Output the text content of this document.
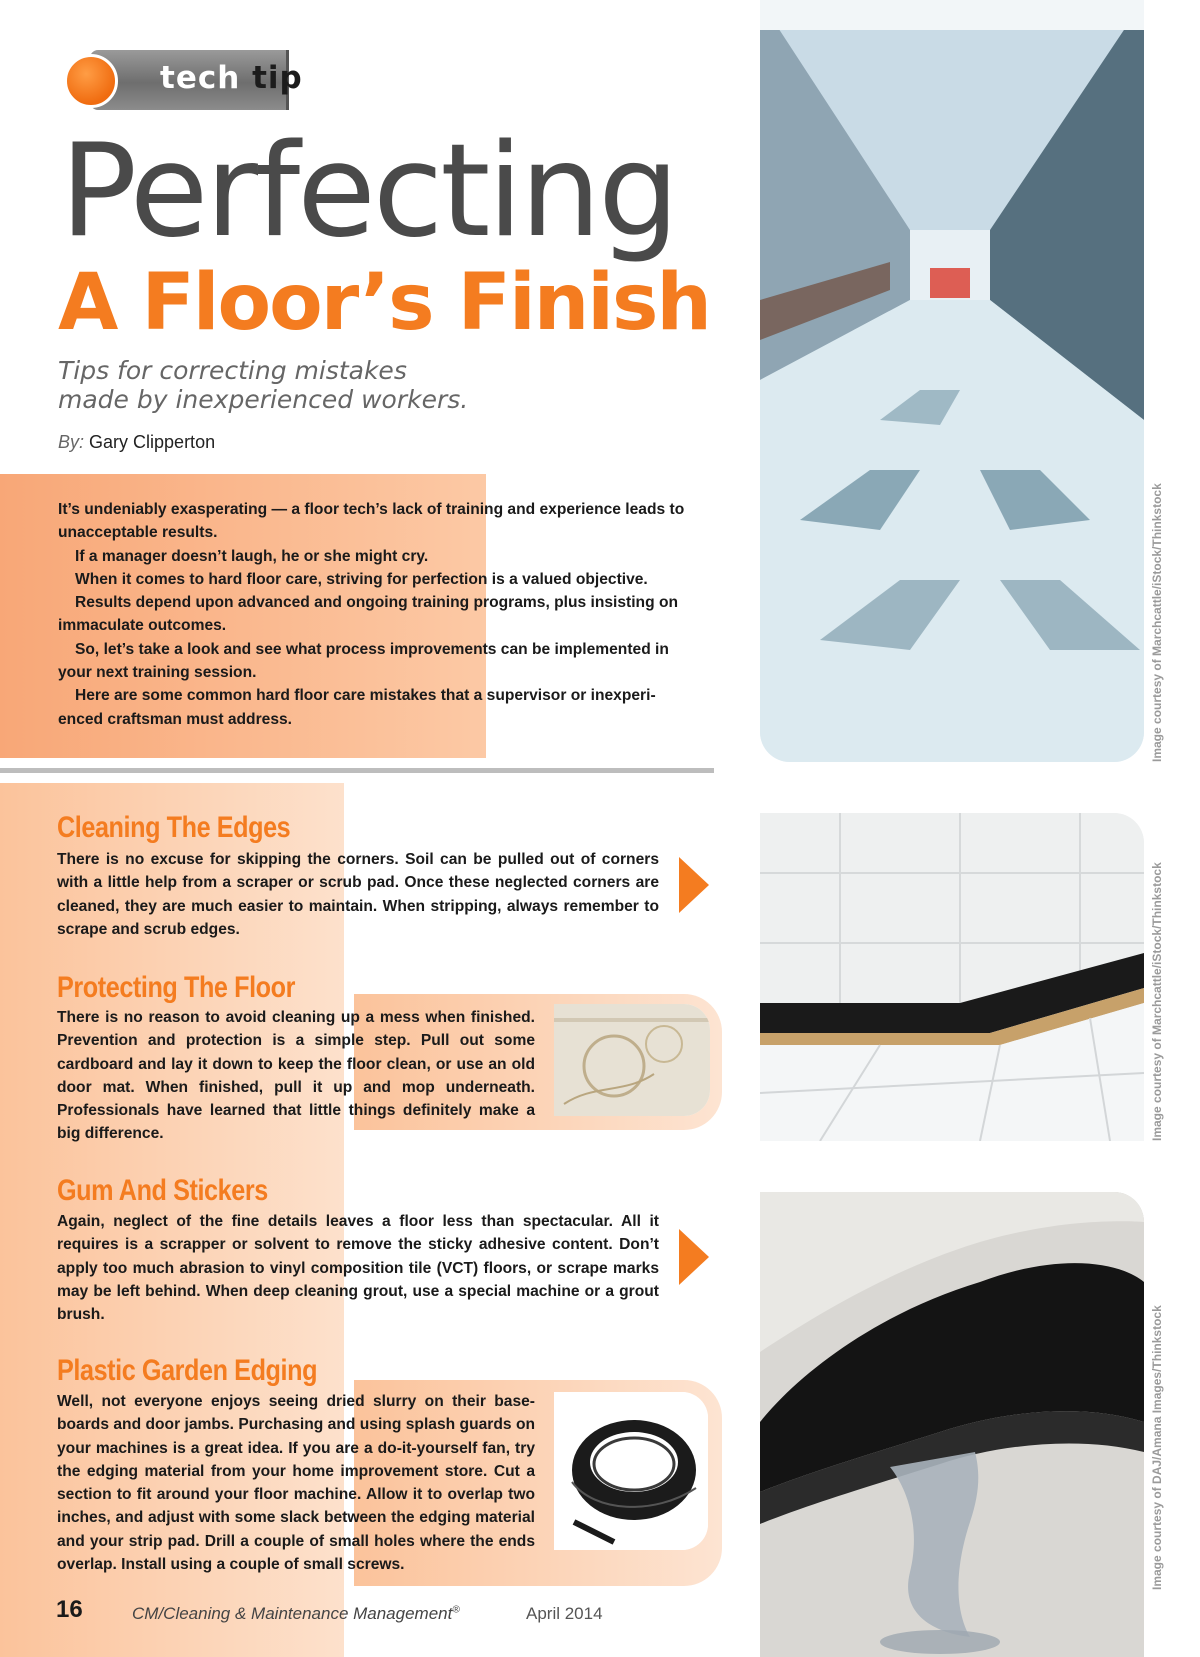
tech tip
Perfecting
A Floor’s Finish
Tips for correcting mistakes
made by inexperienced workers.
By: Gary Clipperton

It’s undeniably exasperating — a floor tech’s lack of training and experience leads to unacceptable results.

If a manager doesn’t laugh, he or she might cry.

When it comes to hard floor care, striving for perfection is a valued objective.

Results depend upon advanced and ongoing training programs, plus insisting on immaculate outcomes.

So, let’s take a look and see what process improvements can be implemented in your next training session.

Here are some common hard floor care mistakes that a supervisor or inexperi-enced craftsman must address.	Image courtesy of Marchcattle/iStock/Thinkstock
Image courtesy of Marchcattle/iStock/Thinkstock
Image courtesy of DAJ/Amana Images/Thinkstock
Cleaning The Edges

There is no excuse for skipping the corners. Soil can be pulled out of corners with a little help from a scraper or scrub pad. Once these neglected corners are cleaned, they are much easier to maintain. When stripping, always remember to scrape and scrub edges.

Protecting The Floor

There is no reason to avoid cleaning up a mess when finished. Prevention and protection is a simple step. Pull out some cardboard and lay it down to keep the floor clean, or use an old door mat. When finished, pull it up and mop underneath. Professionals have learned that little things definitely make a big difference.

Gum And Stickers

Again, neglect of the fine details leaves a floor less than spectacular. All it requires is a scrapper or solvent to remove the sticky adhesive content. Don’t apply too much abrasion to vinyl composition tile (VCT) floors, or scrape marks may be left behind. When deep cleaning grout, use a special machine or a grout brush.

Plastic Garden Edging

Well, not everyone enjoys seeing dried slurry on their base-boards and door jambs. Purchasing and using splash guards on your machines is a great idea. If you are a do-it-yourself fan, try the edging material from your home improvement store. Cut a section to fit around your floor machine. Allow it to overlap two inches, and adjust with some slack between the edging material and your strip pad. Drill a couple of small holes where the ends overlap. Install using a couple of small screws.

16	CM/Cleaning & Maintenance Management®	April 2014
